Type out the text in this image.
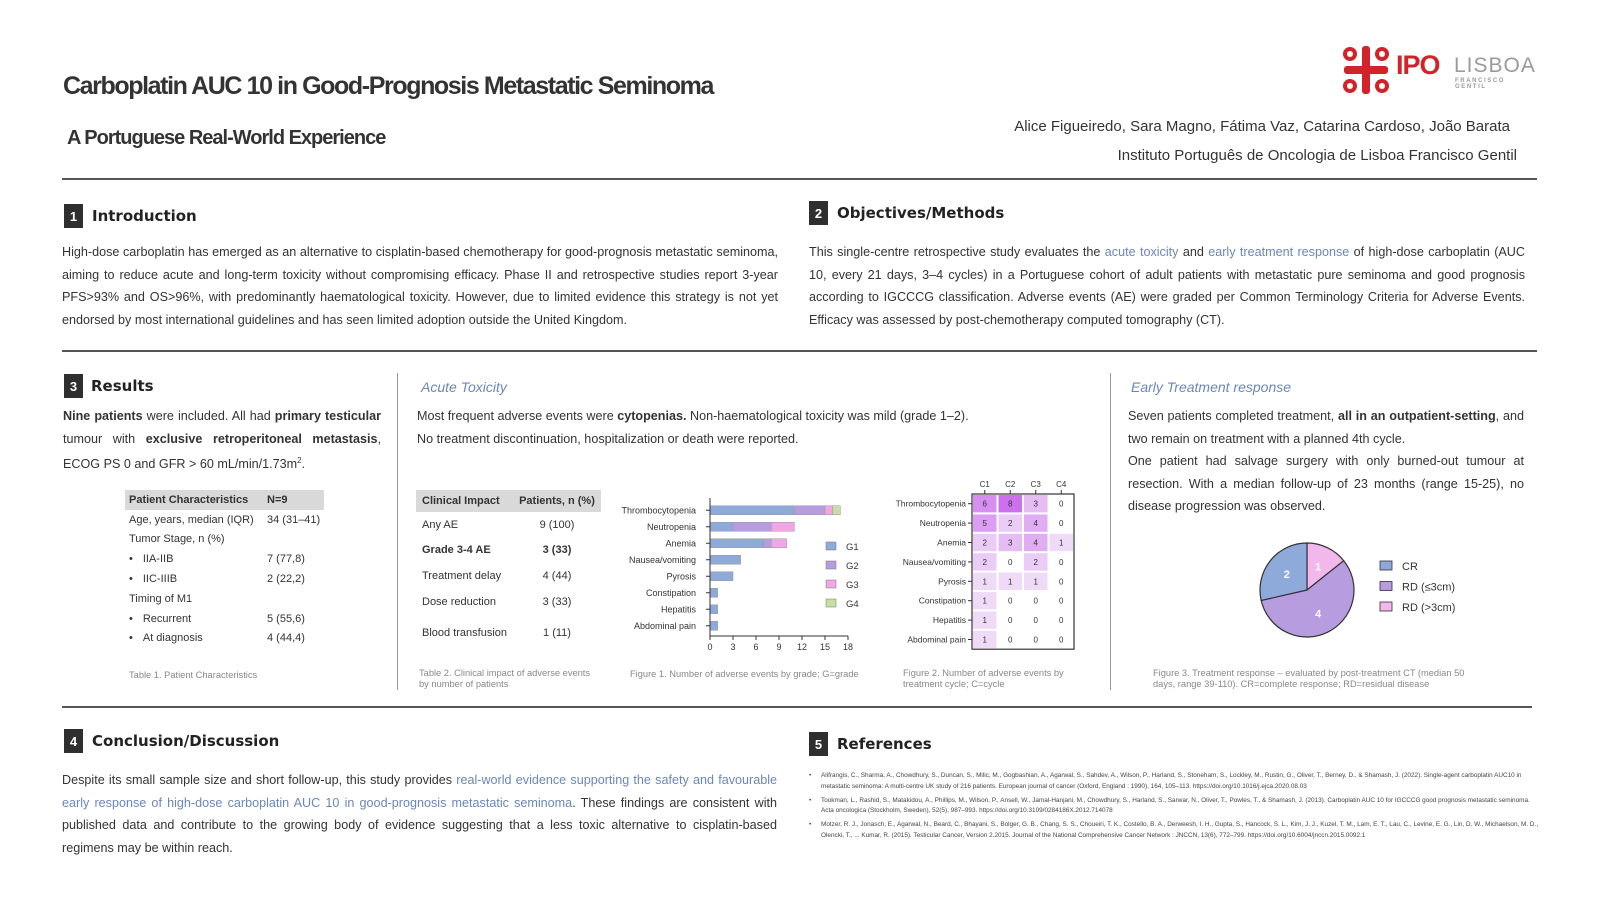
Carboplatin AUC 10 in Good-Prognosis Metastatic Seminoma
A Portuguese Real-World Experience
IPO LISBOA
FRANCISCO GENTIL
Alice Figueiredo, Sara Magno, Fátima Vaz, Catarina Cardoso, João Barata
Instituto Português de Oncologia de Lisboa Francisco Gentil
1 Introduction
High-dose carboplatin has emerged as an alternative to cisplatin-based chemotherapy for good-prognosis metastatic seminoma, aiming to reduce acute and long-term toxicity without compromising efficacy. Phase II and retrospective studies report 3-year PFS>93% and OS>96%, with predominantly haematological toxicity. However, due to limited evidence this strategy is not yet endorsed by most international guidelines and has seen limited adoption outside the United Kingdom.
2 Objectives/Methods
This single-centre retrospective study evaluates the acute toxicity and early treatment response of high-dose carboplatin (AUC 10, every 21 days, 3–4 cycles) in a Portuguese cohort of adult patients with metastatic pure seminoma and good prognosis according to IGCCCG classification. Adverse events (AE) were graded per Common Terminology Criteria for Adverse Events. Efficacy was assessed by post-chemotherapy computed tomography (CT).
3 Results
Nine patients were included. All had primary testicular tumour with exclusive retroperitoneal metastasis, ECOG PS 0 and GFR > 60 $mL/\min/1.73m^2$.
Patient Characteristics	N=9
Age, years, median (IQR)	34 (31–41)
Tumor Stage, n (%)	
• IIA-IIB	7 (77,8)
• IIC-IIIB	2 (22,2)
Timing of M1	
• Recurrent	5 (55,6)
• At diagnosis	4 (44,4)
Table 1. Patient Characteristics
Acute Toxicity
Most frequent adverse events were cytopenias. Non-haematological toxicity was mild (grade 1–2).
No treatment discontinuation, hospitalization or death were reported.
Clinical Impact	Patients, n (%)
Any AE	9 (100)
Grade 3-4 AE	3 (33)
Treatment delay	4 (44)
Dose reduction	3 (33)
Blood transfusion	1 (11)
Table 2. Clinical impact of adverse events by number of patients
Thrombocytopenia
Neutropenia
Anemia
Nausea/vomiting
Pyrosis
Constipation
Hepatitis
Abdominal pain
0 3 6 9 12 15 18
G1
G2
G3
G4
Figure 1. Number of adverse events by grade; G=grade
C1 C2 C3 C4
Thrombocytopenia 6	8	3	0
Neutropenia 5	2	4	0
Anemia 2	3	4	1
Nausea/vomiting 2	0	2	0
Pyrosis 1	1	1	0
Constipation 1	0	0	0
Hepatitis 1	0	0	0
Abdominal pain 1	0	0	0
Figure 2. Number of adverse events by treatment cycle; C=cycle
Early Treatment response
Seven patients completed treatment, all in an outpatient-setting, and two remain on treatment with a planned 4th cycle.
One patient had salvage surgery with only burned-out tumour at resection. With a median follow-up of 23 months (range 15-25), no disease progression was observed.
1
4
2
CR
RD (≤3cm)
RD (>3cm)
Figure 3. Treatment response – evaluated by post-treatment CT (median 50 days, range 39-110). CR=complete response; RD=residual disease
4 Conclusion/Discussion
Despite its small sample size and short follow-up, this study provides real-world evidence supporting the safety and favourable early response of high-dose carboplatin AUC 10 in good-prognosis metastatic seminoma. These findings are consistent with published data and contribute to the growing body of evidence suggesting that a less toxic alternative to cisplatin-based regimens may be within reach.
5 References
• Alifrangis, C., Sharma, A., Chowdhury, S., Duncan, S., Milic, M., Gogbashian, A., Agarwal, S., Sahdev, A., Wilson, P., Harland, S., Stoneham, S., Lockley, M., Rustin, G., Oliver, T., Berney, D., & Shamash, J. (2022). Single-agent carboplatin AUC10 in metastatic seminoma: A multi-centre UK study of 216 patients. European journal of cancer (Oxford, England : 1990), 164, 105–113. https://doi.org/10.1016/j.ejca.2020.08.03
• Tookman, L., Rashid, S., Matakidou, A., Phillips, M., Wilson, P., Ansell, W., Jamal-Hanjani, M., Chowdhury, S., Harland, S., Sarwar, N., Oliver, T., Powles, T., & Shamash, J. (2013). Carboplatin AUC 10 for IGCCCG good prognosis metastatic seminoma. Acta oncologica (Stockholm, Sweden), 52(5), 987–993. https://doi.org/10.3109/0284186X.2012.714078
• Motzer, R. J., Jonasch, E., Agarwal, N., Beard, C., Bhayani, S., Bolger, G. B., Chang, S. S., Choueiri, T. K., Costello, B. A., Derweesh, I. H., Gupta, S., Hancock, S. L., Kim, J. J., Kuzel, T. M., Lam, E. T., Lau, C., Levine, E. G., Lin, D. W., Michaelson, M. D., Olencki, T., ... Kumar, R. (2015). Testicular Cancer, Version 2.2015. Journal of the National Comprehensive Cancer Network : JNCCN, 13(6), 772–799. https://doi.org/10.6004/jnccn.2015.0092.1
